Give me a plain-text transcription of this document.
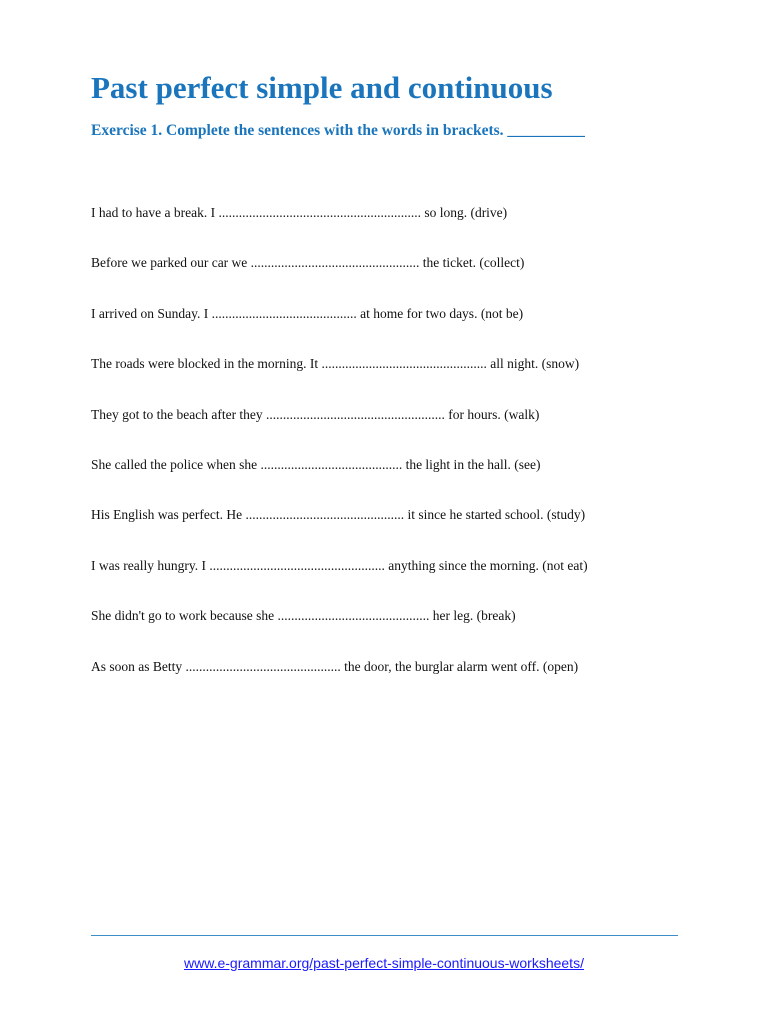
Past perfect simple and continuous
Exercise 1. Complete the sentences with the words in brackets. __________
I had to have a break. I ............................................................ so long. (drive)
Before we parked our car we .................................................. the ticket. (collect)
I arrived on Sunday. I ........................................... at home for two days. (not be)
The roads were blocked in the morning. It ................................................. all night. (snow)
They got to the beach after they ..................................................... for hours. (walk)
She called the police when she .......................................... the light in the hall. (see)
His English was perfect. He ............................................... it since he started school. (study)
I was really hungry. I .................................................... anything since the morning. (not eat)
She didn't go to work because she ............................................. her leg. (break)
As soon as Betty .............................................. the door, the burglar alarm went off. (open)
www.e-grammar.org/past-perfect-simple-continuous-worksheets/
